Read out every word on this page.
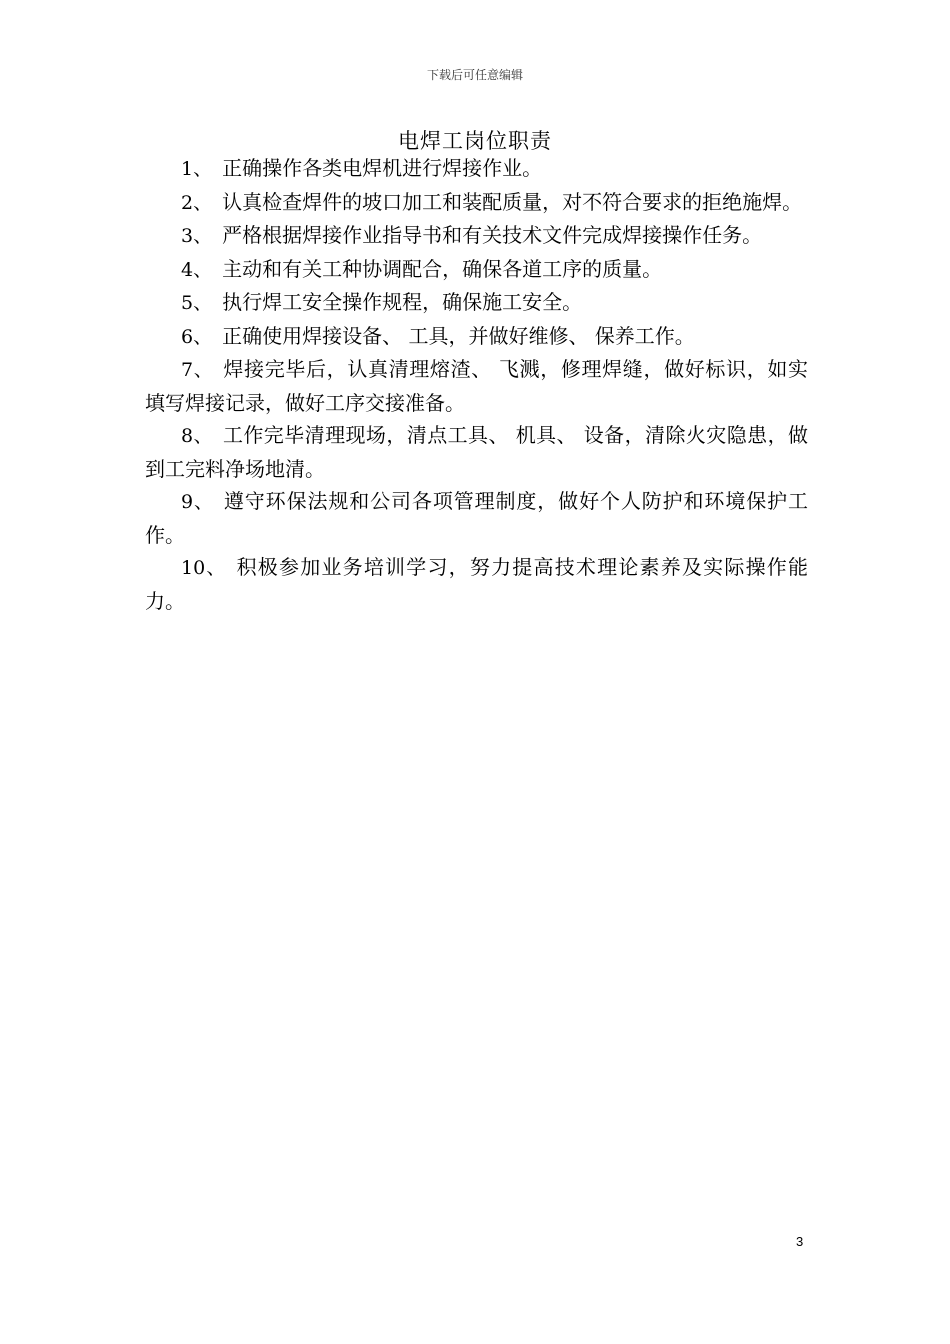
下载后可任意编辑
电焊工岗位职责

1、 正确操作各类电焊机进行焊接作业。

2、 认真检查焊件的坡口加工和装配质量，对不符合要求的拒绝施焊。

3、 严格根据焊接作业指导书和有关技术文件完成焊接操作任务。

4、 主动和有关工种协调配合，确保各道工序的质量。

5、 执行焊工安全操作规程，确保施工安全。

6、 正确使用焊接设备、 工具，并做好维修、 保养工作。

7、 焊接完毕后，认真清理熔渣、 飞溅，修理焊缝，做好标识，如实填写焊接记录，做好工序交接准备。

8、 工作完毕清理现场，清点工具、 机具、 设备，清除火灾隐患，做到工完料净场地清。

9、 遵守环保法规和公司各项管理制度，做好个人防护和环境保护工作。

10、 积极参加业务培训学习，努力提高技术理论素养及实际操作能力。

3
